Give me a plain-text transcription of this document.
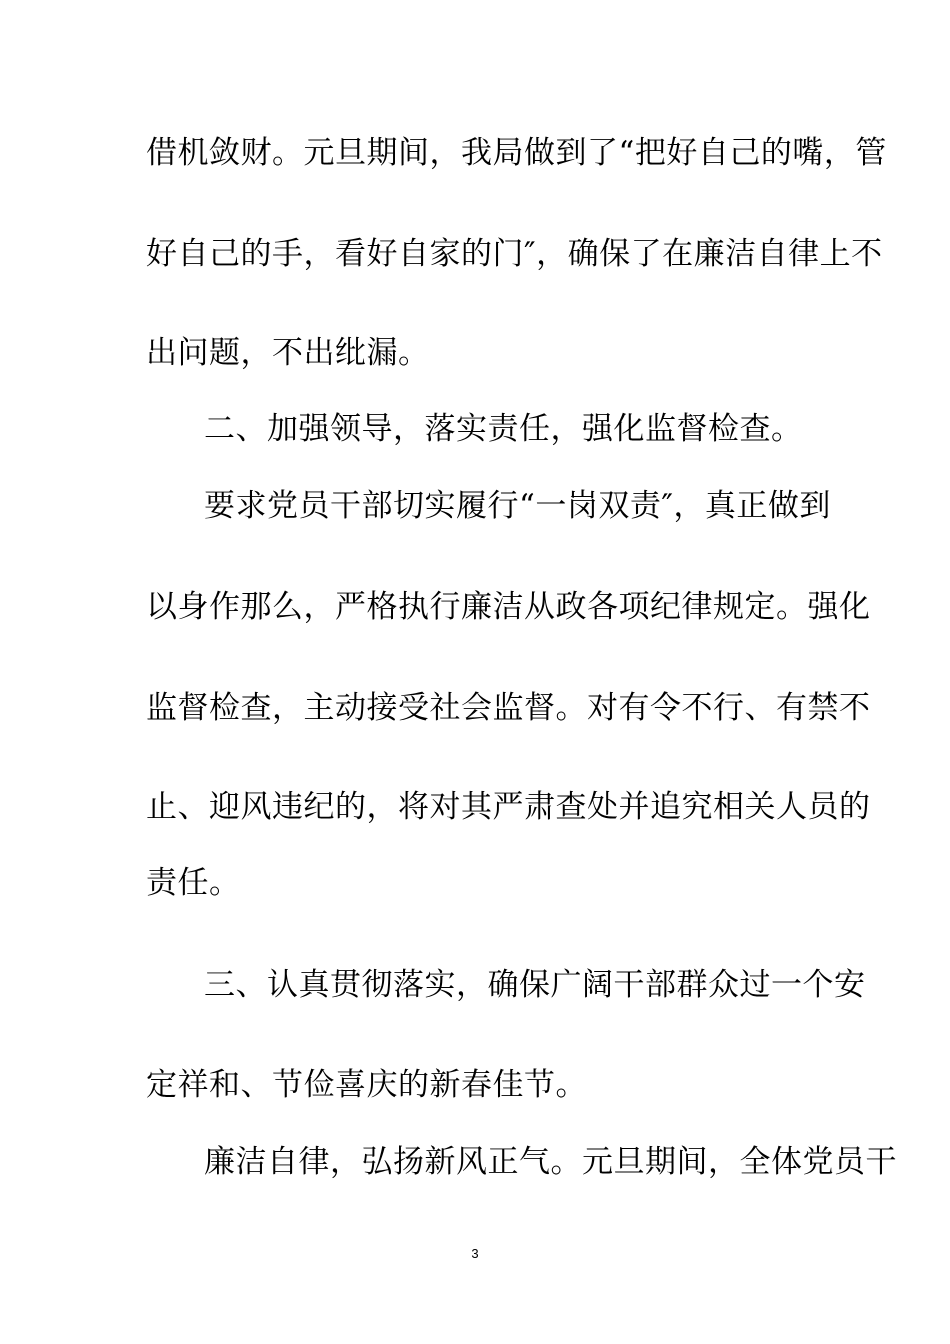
借机敛财。元旦期间，我局做到了“把好自己的嘴，管
好自己的手，看好自家的门″，确保了在廉洁自律上不
出问题，不出纰漏。
二、加强领导，落实责任，强化监督检查。
要求党员干部切实履行“一岗双责″，真正做到
以身作那么，严格执行廉洁从政各项纪律规定。强化
监督检查，主动接受社会监督。对有令不行、有禁不
止、迎风违纪的，将对其严肃查处并追究相关人员的
责任。
三、认真贯彻落实，确保广阔干部群众过一个安
定祥和、节俭喜庆的新春佳节。
廉洁自律，弘扬新风正气。元旦期间，全体党员干
3
